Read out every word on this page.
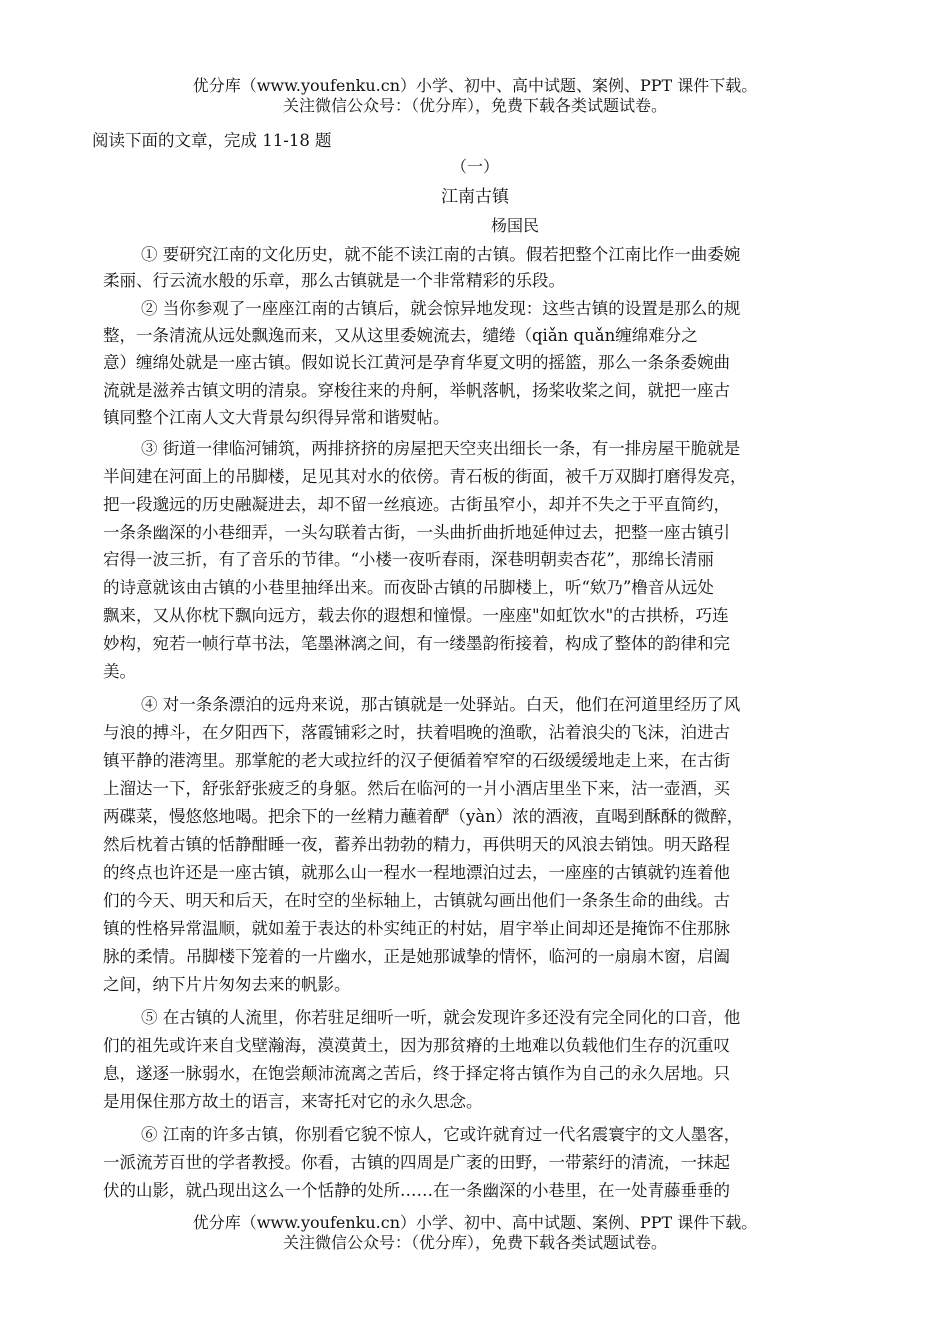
优分库（www.youfenku.cn）小学、初中、高中试题、案例、PPT 课件下载。
关注微信公众号：（优分库），免费下载各类试题试卷。
阅读下面的文章，完成 11-18 题
（一）
江南古镇
杨国民
① 要研究江南的文化历史，就不能不读江南的古镇。假若把整个江南比作一曲委婉
柔丽、行云流水般的乐章，那么古镇就是一个非常精彩的乐段。
② 当你参观了一座座江南的古镇后，就会惊异地发现：这些古镇的设置是那么的规
整，一条清流从远处飘逸而来，又从这里委婉流去，缱绻（qiǎn quǎn缠绵难分之
意）缠绵处就是一座古镇。假如说长江黄河是孕育华夏文明的摇篮，那么一条条委婉曲
流就是滋养古镇文明的清泉。穿梭往来的舟舸，举帆落帆，扬桨收桨之间，就把一座古
镇同整个江南人文大背景勾织得异常和谐熨帖。
③ 街道一律临河铺筑，两排挤挤的房屋把天空夹出细长一条，有一排房屋干脆就是
半间建在河面上的吊脚楼，足见其对水的依傍。青石板的街面，被千万双脚打磨得发亮，
把一段邈远的历史融凝进去，却不留一丝痕迹。古街虽窄小，却并不失之于平直简约，
一条条幽深的小巷细弄，一头勾联着古街，一头曲折曲折地延伸过去，把整一座古镇引
宕得一波三折，有了音乐的节律。“小楼一夜听春雨，深巷明朝卖杏花”，那绵长清丽
的诗意就该由古镇的小巷里抽绎出来。而夜卧古镇的吊脚楼上，听“欸乃”橹音从远处
飘来，又从你枕下飘向远方，载去你的遐想和憧憬。一座座"如虹饮水"的古拱桥，巧连
妙构，宛若一帧行草书法，笔墨淋漓之间，有一缕墨韵衔接着，构成了整体的韵律和完
美。
④ 对一条条漂泊的远舟来说，那古镇就是一处驿站。白天，他们在河道里经历了风
与浪的搏斗，在夕阳西下，落霞铺彩之时，扶着唱晚的渔歌，沾着浪尖的飞沫，泊进古
镇平静的港湾里。那掌舵的老大或拉纤的汉子便循着窄窄的石级缓缓地走上来，在古街
上溜达一下，舒张舒张疲乏的身躯。然后在临河的一爿小酒店里坐下来，沽一壶酒，买
两碟菜，慢悠悠地喝。把余下的一丝精力蘸着酽（yàn）浓的酒液，直喝到酥酥的微醉，
然后枕着古镇的恬静酣睡一夜，蓄养出勃勃的精力，再供明天的风浪去销蚀。明天路程
的终点也许还是一座古镇，就那么山一程水一程地漂泊过去，一座座的古镇就钓连着他
们的今天、明天和后天，在时空的坐标轴上，古镇就勾画出他们一条条生命的曲线。古
镇的性格异常温顺，就如羞于表达的朴实纯正的村姑，眉宇举止间却还是掩饰不住那脉
脉的柔情。吊脚楼下笼着的一片幽水，正是她那诚挚的情怀，临河的一扇扇木窗，启阖
之间，纳下片片匆匆去来的帆影。
⑤ 在古镇的人流里，你若驻足细听一听，就会发现许多还没有完全同化的口音，他
们的祖先或许来自戈壁瀚海，漠漠黄土，因为那贫瘠的土地难以负载他们生存的沉重叹
息，遂逐一脉弱水，在饱尝颠沛流离之苦后，终于择定将古镇作为自己的永久居地。只
是用保住那方故土的语言，来寄托对它的永久思念。
⑥ 江南的许多古镇，你别看它貌不惊人，它或许就育过一代名震寰宇的文人墨客，
一派流芳百世的学者教授。你看，古镇的四周是广袤的田野，一带萦纡的清流，一抹起
伏的山影，就凸现出这么一个恬静的处所……在一条幽深的小巷里，在一处青藤垂垂的
优分库（www.youfenku.cn）小学、初中、高中试题、案例、PPT 课件下载。
关注微信公众号：（优分库），免费下载各类试题试卷。
